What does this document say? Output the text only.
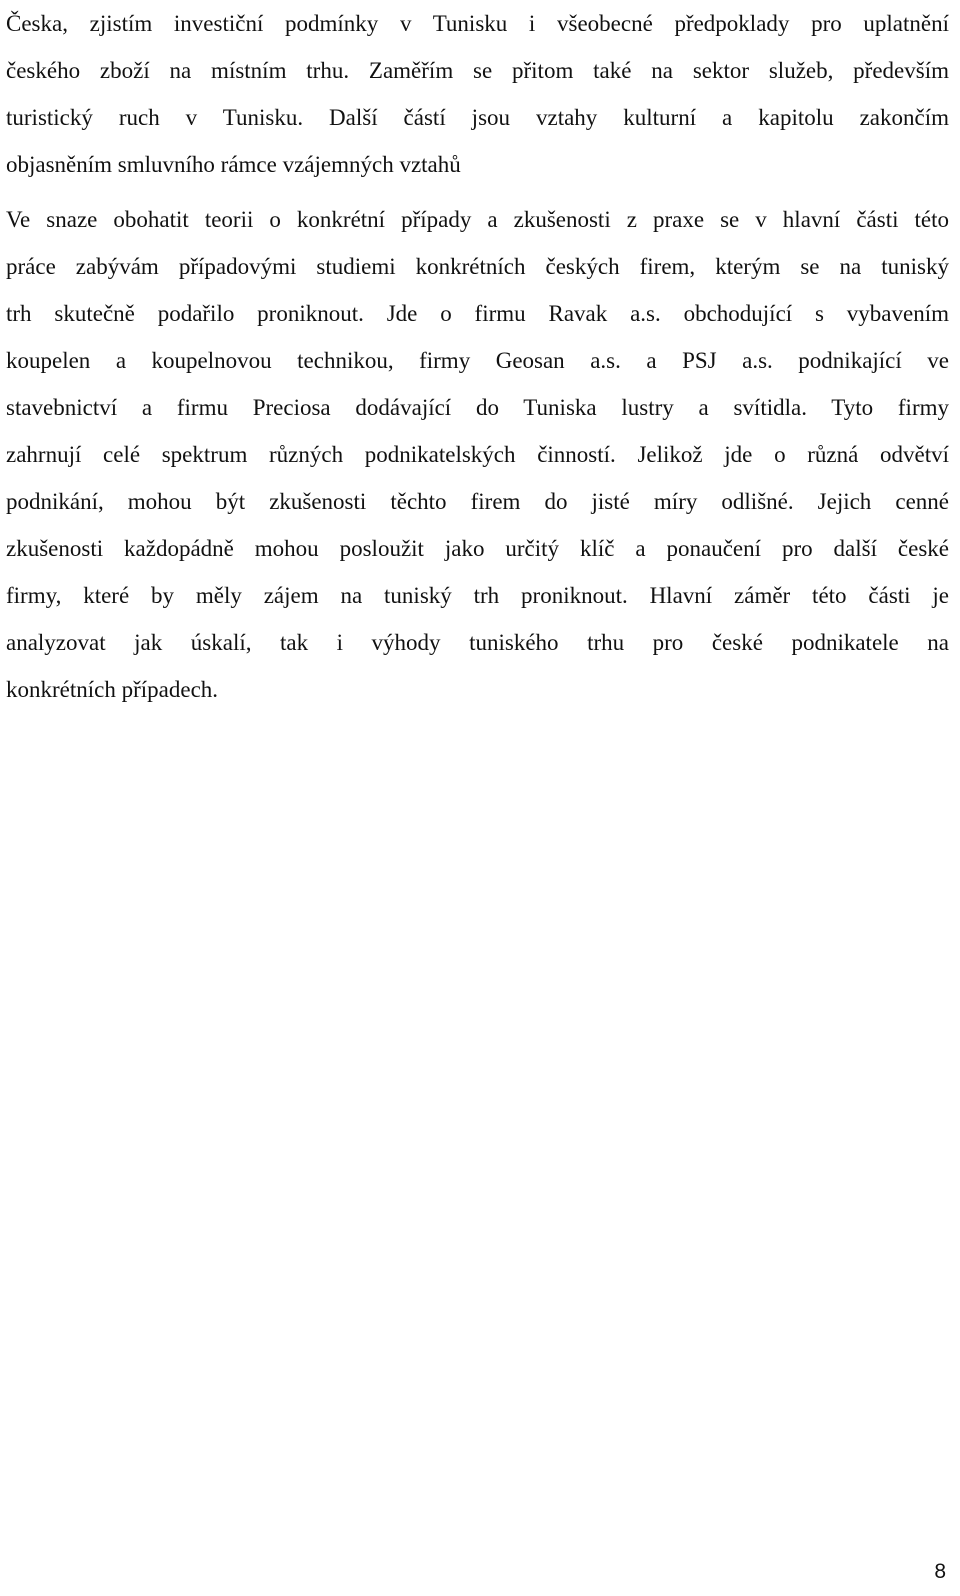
Česka, zjistím investiční podmínky v Tunisku i všeobecné předpoklady pro uplatnění
českého zboží na místním trhu. Zaměřím se přitom také na sektor služeb, především
turistický ruch v Tunisku. Další částí jsou vztahy kulturní a kapitolu zakončím
objasněním smluvního rámce vzájemných vztahů
Ve snaze obohatit teorii o konkrétní případy a zkušenosti z praxe se v hlavní části této
práce zabývám případovými studiemi konkrétních českých firem, kterým se na tuniský
trh skutečně podařilo proniknout. Jde o firmu Ravak a.s. obchodující s vybavením
koupelen a koupelnovou technikou, firmy Geosan a.s. a PSJ a.s. podnikající ve
stavebnictví a firmu Preciosa dodávající do Tuniska lustry a svítidla. Tyto firmy
zahrnují celé spektrum různých podnikatelských činností. Jelikož jde o různá odvětví
podnikání, mohou být zkušenosti těchto firem do jisté míry odlišné. Jejich cenné
zkušenosti každopádně mohou posloužit jako určitý klíč a ponaučení pro další české
firmy, které by měly zájem na tuniský trh proniknout. Hlavní záměr této části je
analyzovat jak úskalí, tak i výhody tuniského trhu pro české podnikatele na
konkrétních případech.
8
